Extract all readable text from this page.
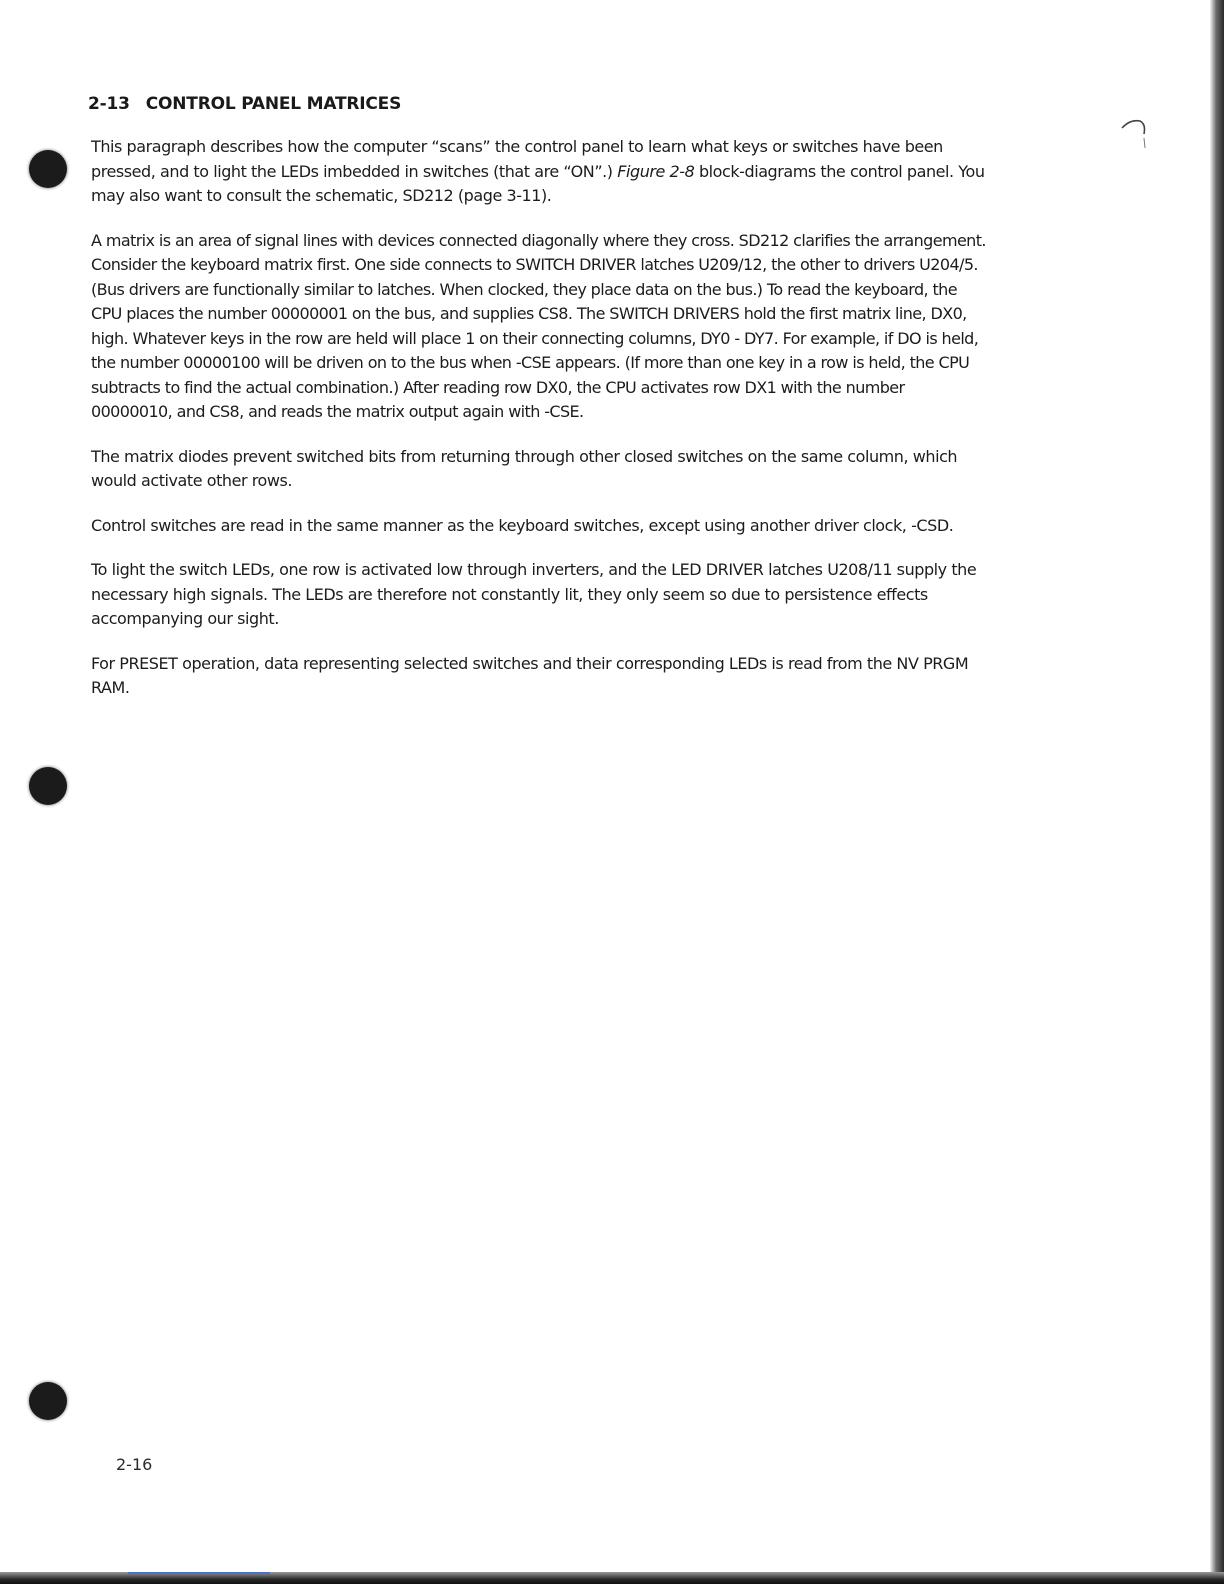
2-13 CONTROL PANEL MATRICES

This paragraph describes how the computer “scans” the control panel to learn what keys or switches have been pressed, and to light the LEDs imbedded in switches (that are “ON”.) Figure 2-8 block-diagrams the control panel. You may also want to consult the schematic, SD212 (page 3-11).

A matrix is an area of signal lines with devices connected diagonally where they cross. SD212 clarifies the arrangement. Consider the keyboard matrix first. One side connects to SWITCH DRIVER latches U209/12, the other to drivers U204/5. (Bus drivers are functionally similar to latches. When clocked, they place data on the bus.) To read the keyboard, the CPU places the number 00000001 on the bus, and supplies CS8. The SWITCH DRIVERS hold the first matrix line, DX0, high. Whatever keys in the row are held will place 1 on their connecting columns, DY0 - DY7. For example, if DO is held, the number 00000100 will be driven on to the bus when -CSE appears. (If more than one key in a row is held, the CPU subtracts to find the actual combination.) After reading row DX0, the CPU activates row DX1 with the number 00000010, and CS8, and reads the matrix output again with -CSE.

The matrix diodes prevent switched bits from returning through other closed switches on the same column, which would activate other rows.

Control switches are read in the same manner as the keyboard switches, except using another driver clock, -CSD.

To light the switch LEDs, one row is activated low through inverters, and the LED DRIVER latches U208/11 supply the necessary high signals. The LEDs are therefore not constantly lit, they only seem so due to persistence effects accompanying our sight.

For PRESET operation, data representing selected switches and their corresponding LEDs is read from the NV PRGM RAM.

2-16
